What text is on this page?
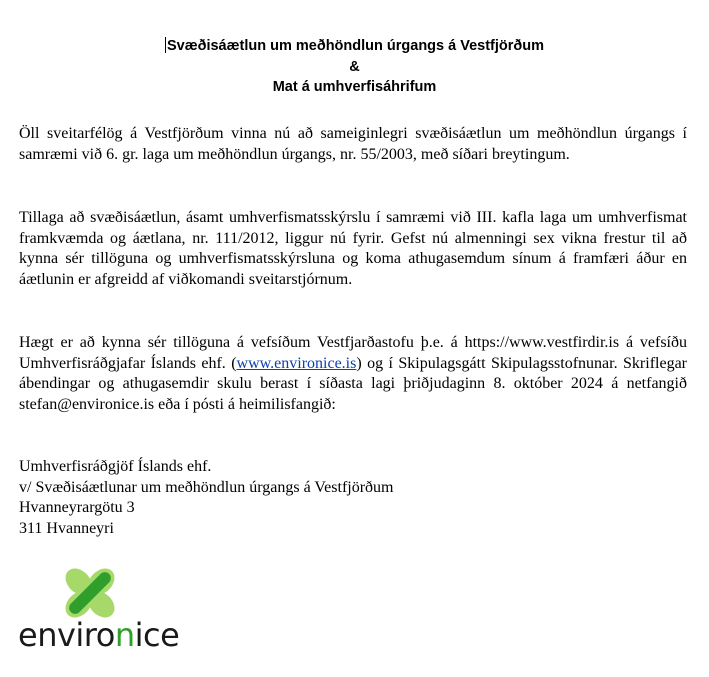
Svæðisáætlun um meðhöndlun úrgangs á Vestfjörðum
&
Mat á umhverfisáhrifum

Öll sveitarfélög á Vestfjörðum vinna nú að sameiginlegri svæðisáætlun um meðhöndlun úrgangs í samræmi við 6. gr. laga um meðhöndlun úrgangs, nr. 55/2003, með síðari breytingum.

Tillaga að svæðisáætlun, ásamt umhverfismatsskýrslu í samræmi við III. kafla laga um umhverfismat framkvæmda og áætlana, nr. 111/2012, liggur nú fyrir. Gefst nú almenningi sex vikna frestur til að kynna sér tillöguna og umhverfismatsskýrsluna og koma athugasemdum sínum á framfæri áður en áætlunin er afgreidd af viðkomandi sveitarstjórnum.

Hægt er að kynna sér tillöguna á vefsíðum Vestfjarðastofu þ.e. á https://www.vestfirdir.is á vefsíðu Umhverfisráðgjafar Íslands ehf. (www.environice.is) og í Skipulagsgátt Skipulagsstofnunar. Skriflegar ábendingar og athugasemdir skulu berast í síðasta lagi þriðjudaginn 8. október 2024 á netfangið stefan@environice.is eða í pósti á heimilisfangið:

Umhverfisráðgjöf Íslands ehf.
v/ Svæðisáætlunar um meðhöndlun úrgangs á Vestfjörðum
Hvanneyrargötu 3
311 Hvanneyri
environice
